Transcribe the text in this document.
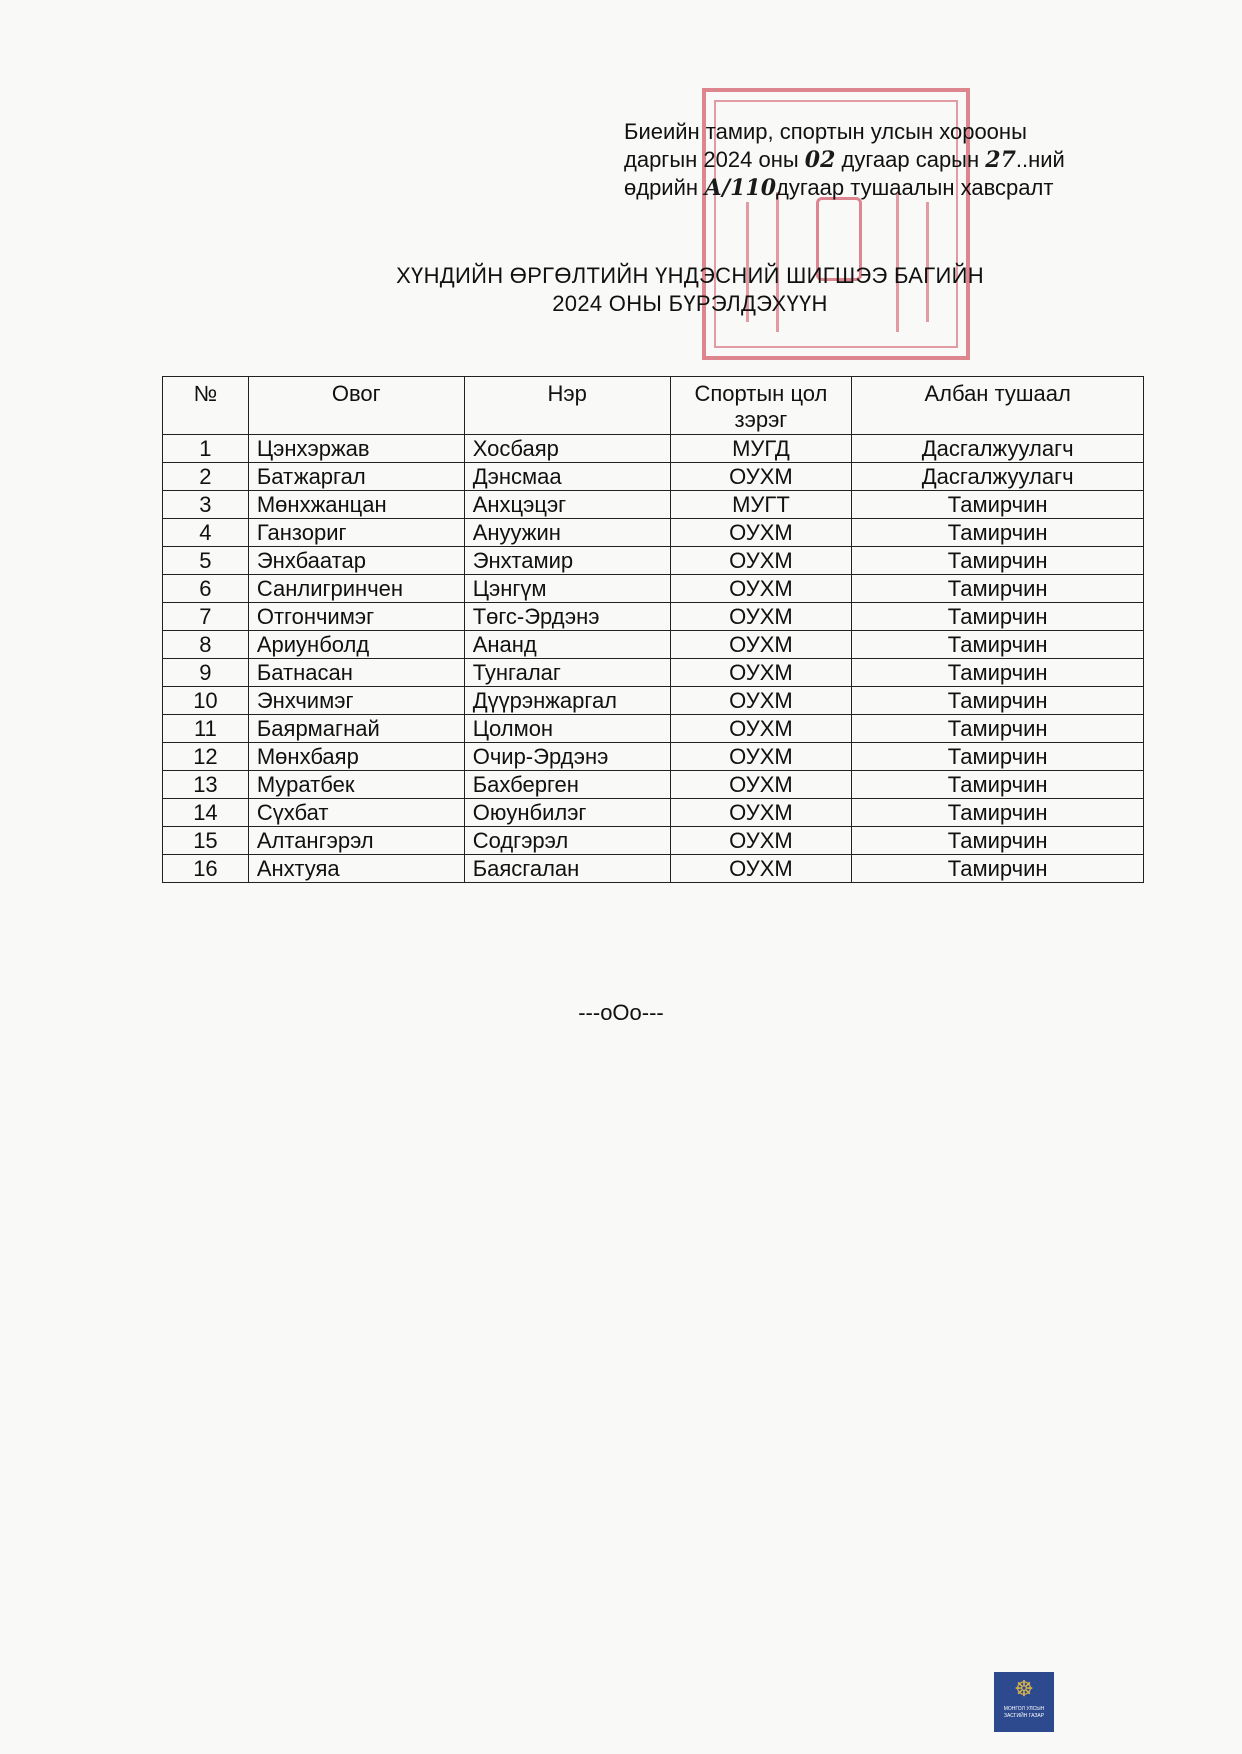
Биеийн тамир, спортын улсын хорооны
даргын 2024 оны 02 дугаар сарын 27..ний
өдрийн А/110дугаар тушаалын хавсралт
ХҮНДИЙН ӨРГӨЛТИЙН ҮНДЭСНИЙ ШИГШЭЭ БАГИЙН
2024 ОНЫ БҮРЭЛДЭХҮҮН
№	Овог	Нэр	Спортын цол зэрэг	Албан тушаал
1	Цэнхэржав	Хосбаяр	МУГД	Дасгалжуулагч
2	Батжаргал	Дэнсмаа	ОУХМ	Дасгалжуулагч
3	Мөнхжанцан	Анхцэцэг	МУГТ	Тамирчин
4	Ганзориг	Ануужин	ОУХМ	Тамирчин
5	Энхбаатар	Энхтамир	ОУХМ	Тамирчин
6	Санлигринчен	Цэнгүм	ОУХМ	Тамирчин
7	Отгончимэг	Төгс-Эрдэнэ	ОУХМ	Тамирчин
8	Ариунболд	Ананд	ОУХМ	Тамирчин
9	Батнасан	Тунгалаг	ОУХМ	Тамирчин
10	Энхчимэг	Дүүрэнжаргал	ОУХМ	Тамирчин
11	Баярмагнай	Цолмон	ОУХМ	Тамирчин
12	Мөнхбаяр	Очир-Эрдэнэ	ОУХМ	Тамирчин
13	Муратбек	Бахберген	ОУХМ	Тамирчин
14	Сүхбат	Оюунбилэг	ОУХМ	Тамирчин
15	Алтангэрэл	Содгэрэл	ОУХМ	Тамирчин
16	Анхтуяа	Баясгалан	ОУХМ	Тамирчин
---оОо---
☸
МОНГОЛ УЛСЫН
ЗАСГИЙН ГАЗАР
